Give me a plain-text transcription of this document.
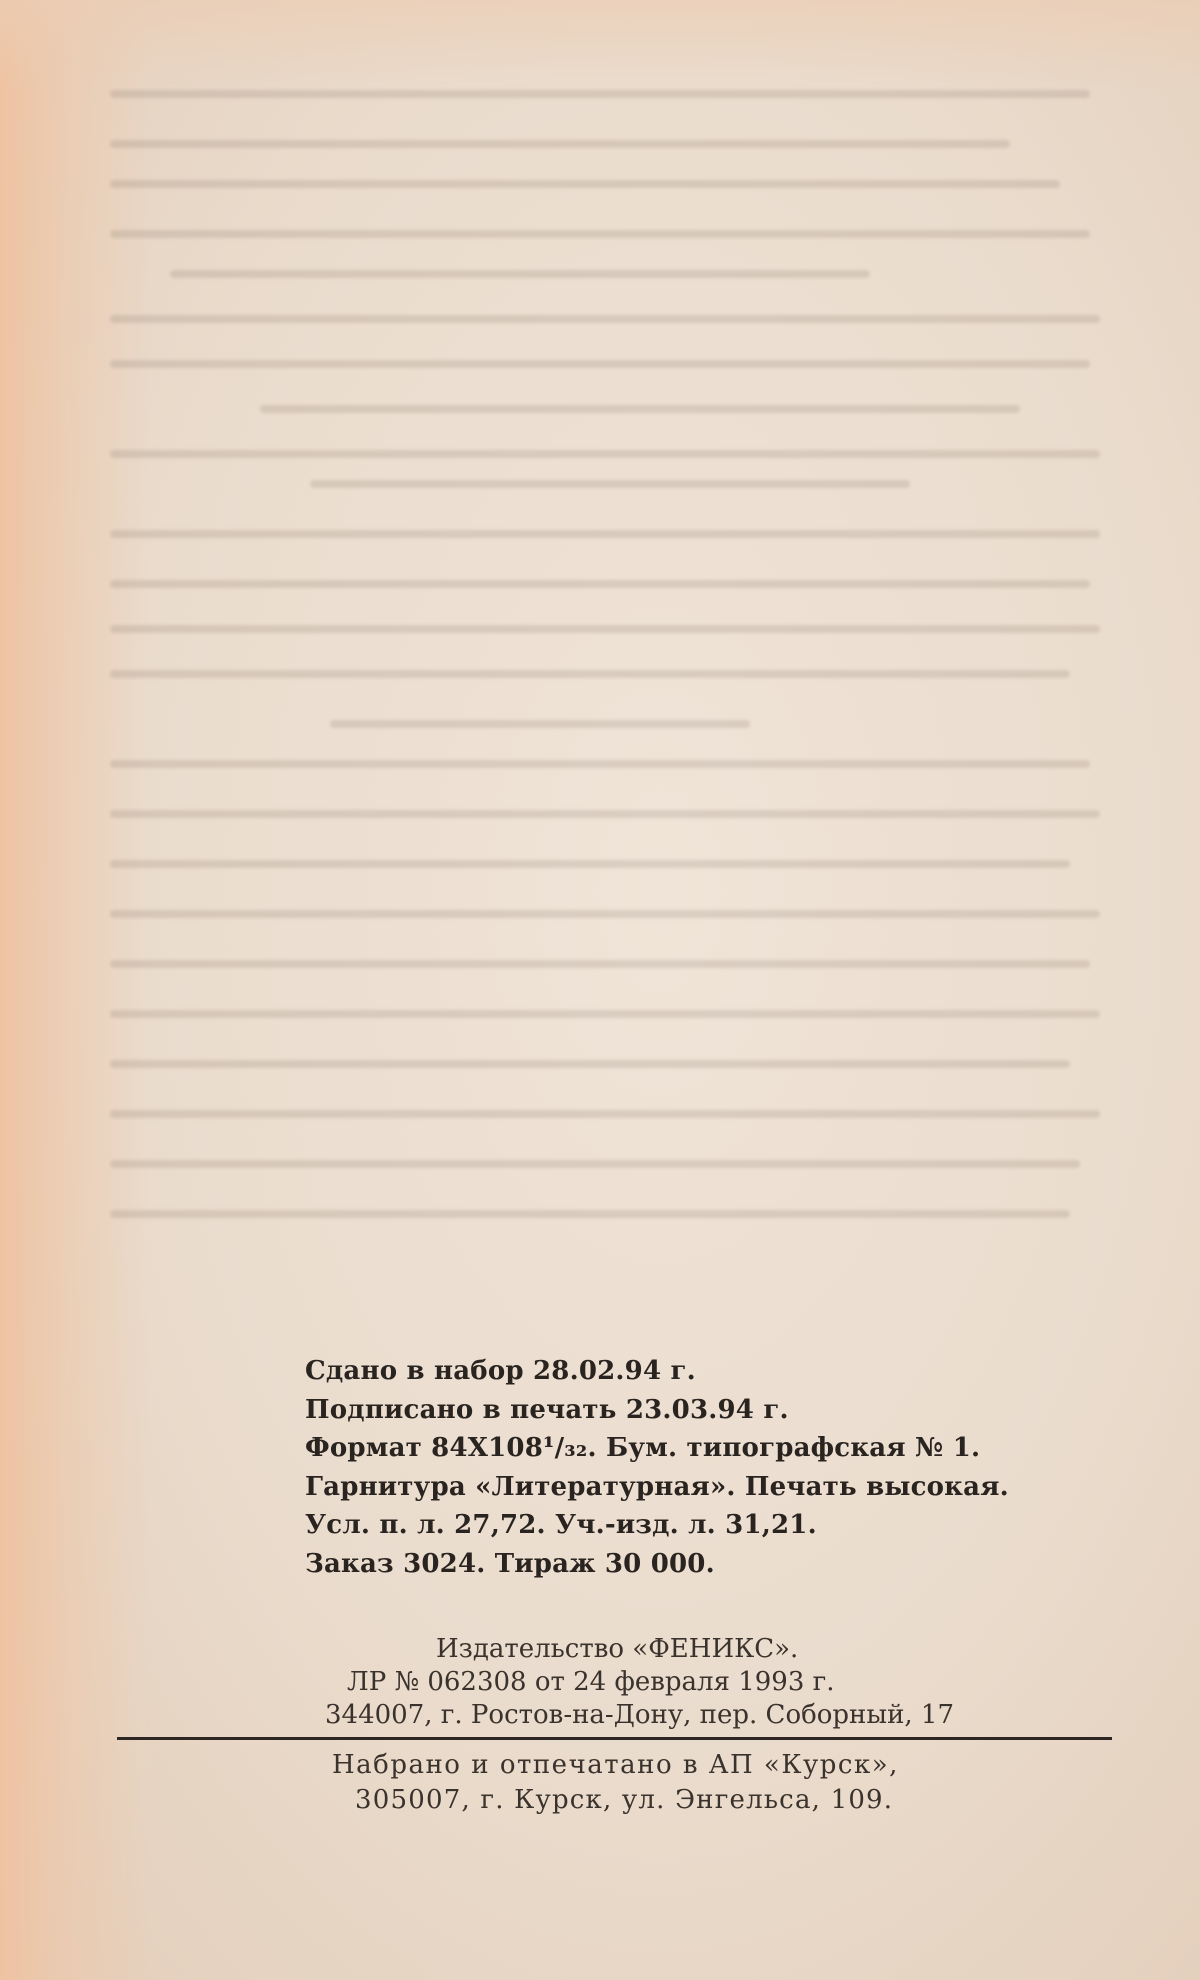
Сдано в набор 28.02.94 г.
Подписано в печать 23.03.94 г.
Формат 84Х108¹/₃₂. Бум. типографская № 1.
Гарнитура «Литературная». Печать высокая.
Усл. п. л. 27,72. Уч.-изд. л. 31,21.
Заказ 3024. Тираж 30 000.
Издательство «ФЕНИКС».
ЛР № 062308 от 24 февраля 1993 г.
344007, г. Ростов-на-Дону, пер. Соборный, 17
Набрано и отпечатано в АП «Курск»,
305007, г. Курск, ул. Энгельса, 109.
